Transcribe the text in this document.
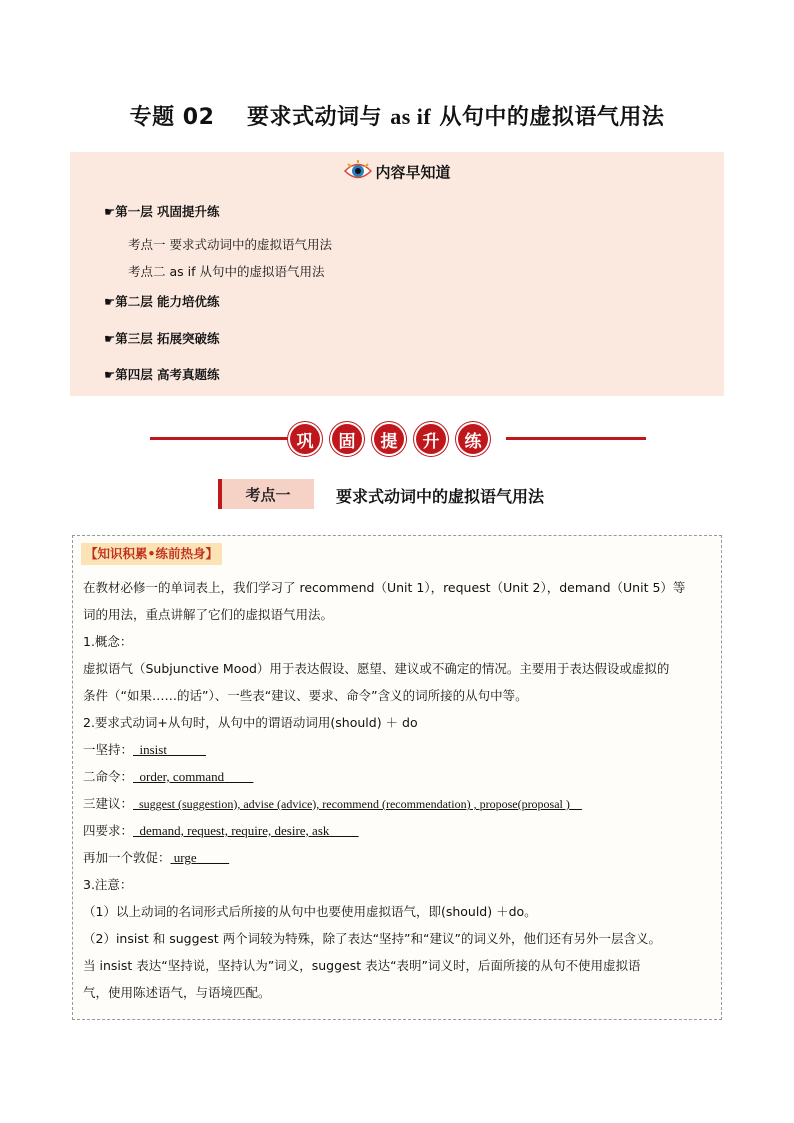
专题 02 要求式动词与 as if 从句中的虚拟语气用法
内容早知道
☛第一层 巩固提升练
考点一 要求式动词中的虚拟语气用法
考点二 as if 从句中的虚拟语气用法
☛第二层 能力培优练
☛第三层 拓展突破练
☛第四层 高考真题练
巩	固	提	升	练
考点一	要求式动词中的虚拟语气用法
【知识积累•练前热身】
在教材必修一的单词表上，我们学习了 recommend（Unit 1），request（Unit 2），demand（Unit 5）等
词的用法，重点讲解了它们的虚拟语气用法。
1.概念：
虚拟语气（Subjunctive Mood）用于表达假设、愿望、建议或不确定的情况。主要用于表达假设或虚拟的
条件（“如果……的话”）、一些表“建议、要求、命令”含义的词所接的从句中等。
2.要求式动词+从句时，从句中的谓语动词用(should) ＋ do
一坚持： insist
二命令： order, command
三建议： suggest (suggestion), advise (advice), recommend (recommendation) , propose(proposal )
四要求： demand, request, require, desire, ask
再加一个敦促： urge
3.注意：
（1）以上动词的名词形式后所接的从句中也要使用虚拟语气，即(should) ＋do。
（2）insist 和 suggest 两个词较为特殊，除了表达“坚持”和“建议”的词义外，他们还有另外一层含义。
当 insist 表达“坚持说，坚持认为”词义，suggest 表达“表明”词义时，后面所接的从句不使用虚拟语
气，使用陈述语气，与语境匹配。
